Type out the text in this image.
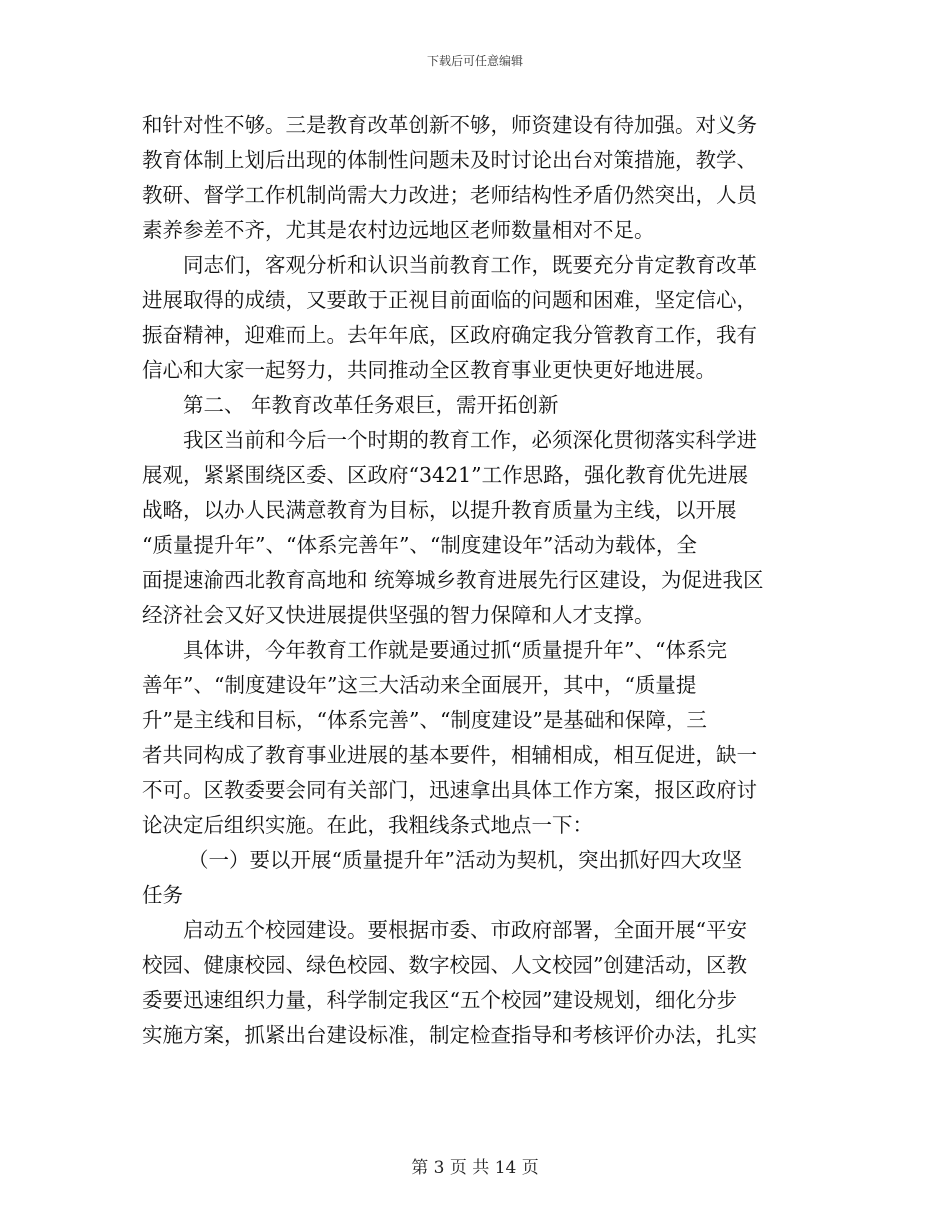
下载后可任意编辑
和针对性不够。三是教育改革创新不够，师资建设有待加强。对义务
教育体制上划后出现的体制性问题未及时讨论出台对策措施，教学、
教研、督学工作机制尚需大力改进；老师结构性矛盾仍然突出，人员
素养参差不齐，尤其是农村边远地区老师数量相对不足。
同志们，客观分析和认识当前教育工作，既要充分肯定教育改革
进展取得的成绩，又要敢于正视目前面临的问题和困难，坚定信心，
振奋精神，迎难而上。去年年底，区政府确定我分管教育工作，我有
信心和大家一起努力，共同推动全区教育事业更快更好地进展。
第二、 年教育改革任务艰巨，需开拓创新
我区当前和今后一个时期的教育工作，必须深化贯彻落实科学进
展观，紧紧围绕区委、区政府“3421”工作思路，强化教育优先进展
战略，以办人民满意教育为目标，以提升教育质量为主线，以开展
“质量提升年”、“体系完善年”、“制度建设年”活动为载体，全
面提速渝西北教育高地和 统筹城乡教育进展先行区建设，为促进我区
经济社会又好又快进展提供坚强的智力保障和人才支撑。
具体讲，今年教育工作就是要通过抓“质量提升年”、“体系完
善年”、“制度建设年”这三大活动来全面展开，其中，“质量提
升”是主线和目标，“体系完善”、“制度建设”是基础和保障，三
者共同构成了教育事业进展的基本要件，相辅相成，相互促进，缺一
不可。区教委要会同有关部门，迅速拿出具体工作方案，报区政府讨
论决定后组织实施。在此，我粗线条式地点一下：
（一）要以开展“质量提升年”活动为契机，突出抓好四大攻坚
任务
启动五个校园建设。要根据市委、市政府部署，全面开展“平安
校园、健康校园、绿色校园、数字校园、人文校园”创建活动，区教
委要迅速组织力量，科学制定我区“五个校园”建设规划，细化分步
实施方案，抓紧出台建设标准，制定检查指导和考核评价办法，扎实
第 3 页 共 14 页
